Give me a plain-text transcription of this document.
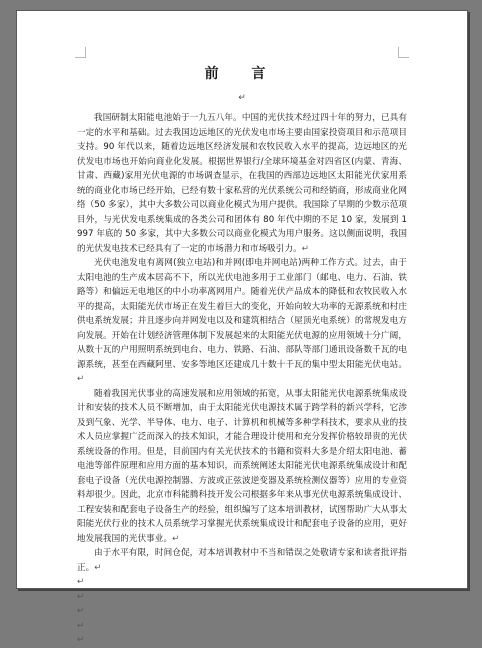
前 言
↵

我国研制太阳能电池始于一九五八年。中国的光伏技术经过四十年的努力，已具有一定的水平和基础。过去我国边远地区的光伏发电市场主要由国家投资项目和示范项目支持。90 年代以来，随着边远地区经济发展和农牧民收入水平的提高，边远地区的光伏发电市场也开始向商业化发展。根据世界银行/全球环境基金对四省区(内蒙、青海、甘肃、西藏)家用光伏电源的市场调查显示，在我国的西部边远地区太阳能光伏家用系统的商业化市场已经开始，已经有数十家私营的光伏系统公司和经销商，形成商业化网络（50 多家），其中大多数公司以商业化模式为用户提供。我国除了早期的少数示范项目外，与光伏发电系统集成的各类公司和团体有 80 年代中期的不足 10 家，发展到 1997 年底的 50 多家，其中大多数公司以商业化模式为用户服务。这以侧面说明，我国的光伏发电技术已经具有了一定的市场潜力和市场吸引力。↵

光伏电池发电有离网(独立电站)和并网(即电并网电站)两种工作方式。过去，由于太阳电池的生产成本居高不下，所以光伏电池多用于工业部门（邮电、电力、石油、铁路等）和偏远无电地区的中小功率离网用户。随着光伏产品成本的降低和农牧民收入水平的提高，太阳能光伏市场正在发生着巨大的变化，开始向较大功率的无源系统和村庄供电系统发展；并且逐步向并网发电以及和建筑相结合（屋顶光电系统）的常规发电方向发展。开始在计划经济管理体制下发展起来的太阳能光伏电源的应用领域十分广阔，从数十瓦的户用照明系统到电台、电力、铁路、石油、部队等部门通讯设备数千瓦的电源系统，甚至在西藏阿里、安多等地区还建成几十数十千瓦的集中型太阳能光伏电站。↵

随着我国光伏事业的高速发展和应用领域的拓宽，从事太阳能光伏电源系统集成设计和安装的技术人员不断增加，由于太阳能光伏电源技术属于跨学科的新兴学科，它涉及到气象、光学、半导体、电力、电子、计算机和机械等多种学科技术，要求从业的技术人员应掌握广泛而深入的技术知识，才能合理设计使用和充分发挥价格较昂贵的光伏系统设备的作用。但是，目前国内有关光伏技术的书籍和资料大多是介绍太阳电池、蓄电池等部件原理和应用方面的基本知识，而系统阐述太阳能光伏电源系统集成设计和配套电子设备（光伏电源控制器、方波或正弦波逆变器及系统检测仪器等）应用的专业资料却很少。因此，北京市科能腾科技开发公司根据多年来从事光伏电源系统集成设计、工程安装和配套电子设备生产的经验，组织编写了这本培训教材，试图帮助广大从事太阳能光伏行业的技术人员系统学习掌握光伏系统集成设计和配套电子设备的应用，更好地发展我国的光伏事业。↵

由于水平有限，时间仓促，对本培训教材中不当和错误之处敬请专家和读者批评指正。↵

↵
↵
↵
↵
↵
